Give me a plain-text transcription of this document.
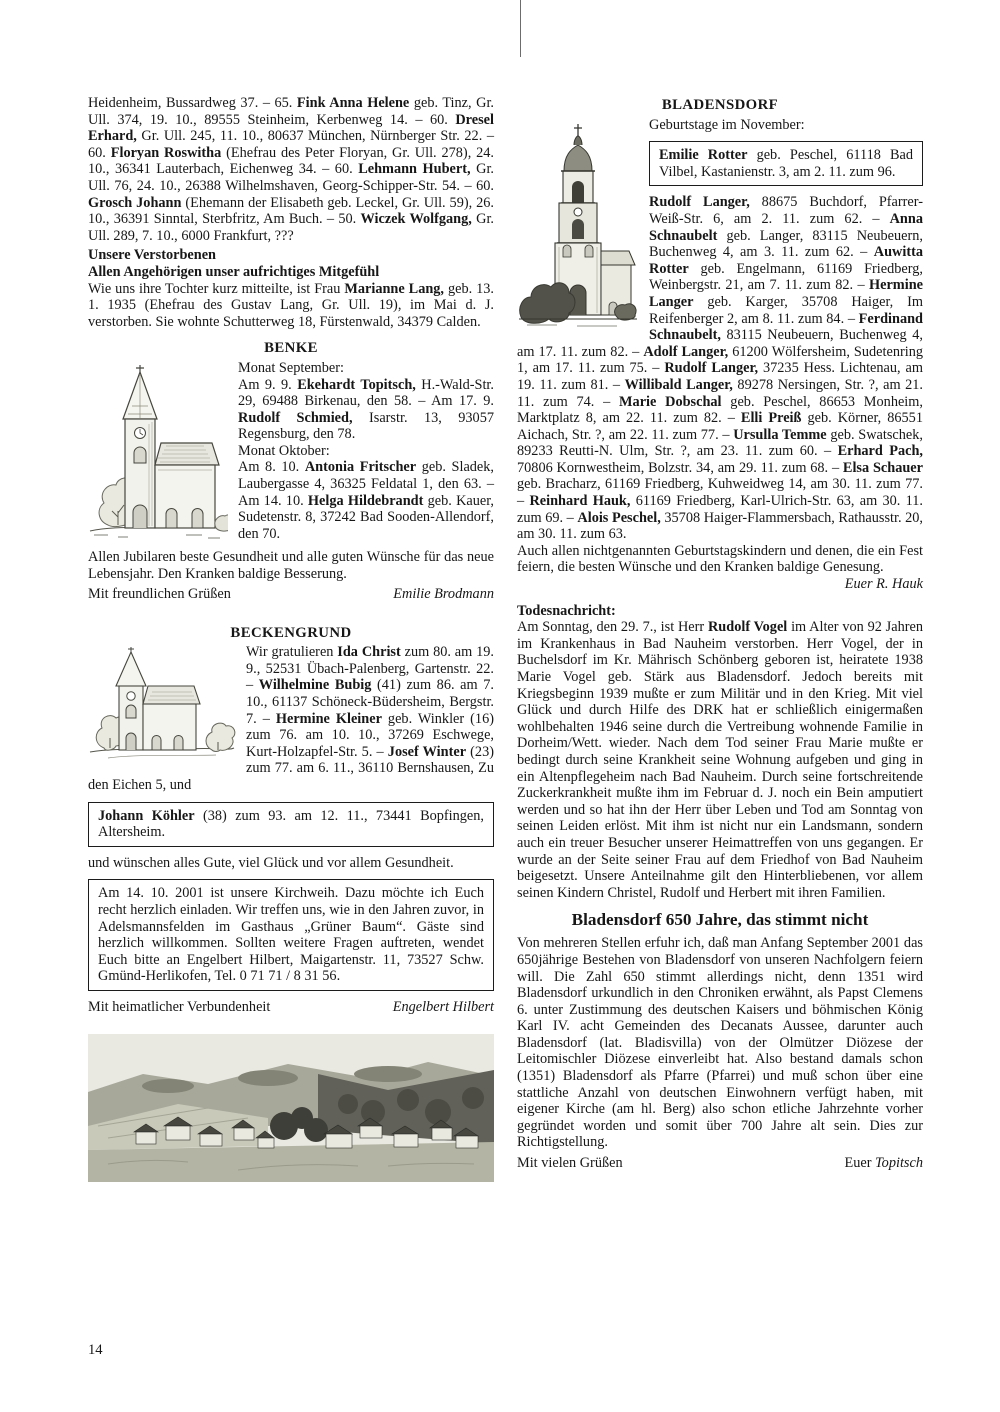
Heidenheim, Bussardweg 37. – 65. Fink Anna Helene geb. Tinz, Gr. Ull. 374, 19. 10., 89555 Steinheim, Kerbenweg 14. – 60. Dresel Erhard, Gr. Ull. 245, 11. 10., 80637 München, Nürnberger Str. 22. – 60. Floryan Roswitha (Ehefrau des Peter Floryan, Gr. Ull. 278), 24. 10., 36341 Lauterbach, Eichenweg 34. – 60. Lehmann Hubert, Gr. Ull. 76, 24. 10., 26388 Wilhelmshaven, Georg-Schipper-Str. 54. – 60. Grosch Johann (Ehemann der Elisabeth geb. Leckel, Gr. Ull. 59), 26. 10., 36391 Sinntal, Sterbfritz, Am Buch. – 50. Wiczek Wolfgang, Gr. Ull. 289, 7. 10., 6000 Frankfurt, ???

Unsere Verstorbenen
Allen Angehörigen unser aufrichtiges Mitgefühl

Wie uns ihre Tochter kurz mitteilte, ist Frau Marianne Lang, geb. 13. 1. 1935 (Ehefrau des Gustav Lang, Gr. Ull. 19), im Mai d. J. verstorben. Sie wohnte Schutterweg 18, Fürstenwald, 34379 Calden.

BENKE

Monat September:

Am 9. 9. Ekehardt Topitsch, H.-Wald-Str. 29, 69488 Birkenau, den 58. – Am 17. 9. Rudolf Schmied, Isarstr. 13, 93057 Regensburg, den 78.

Monat Oktober:

Am 8. 10. Antonia Fritscher geb. Sladek, Laubergasse 4, 36325 Feldatal 1, den 63. – Am 14. 10. Helga Hildebrandt geb. Kauer, Sudetenstr. 8, 37242 Bad Sooden-Allendorf, den 70.

Allen Jubilaren beste Gesundheit und alle guten Wünsche für das neue Lebensjahr. Den Kranken baldige Besserung.

Mit freundlichen Grüßen	Emilie Brodmann
BECKENGRUND

Wir gratulieren Ida Christ zum 80. am 19. 9., 52531 Übach-Palenberg, Gartenstr. 22. – Wilhelmine Bubig (41) zum 86. am 7. 10., 61137 Schöneck-Büdersheim, Bergstr. 7. – Hermine Kleiner geb. Winkler (16) zum 76. am 10. 10., 37269 Eschwege, Kurt-Holzapfel-Str. 5. – Josef Winter (23) zum 77. am 6. 11., 36110 Bernshausen, Zu den Eichen 5, und

Johann Köhler (38) zum 93. am 12. 11., 73441 Bopfingen, Altersheim.

und wünschen alles Gute, viel Glück und vor allem Gesundheit.

Am 14. 10. 2001 ist unsere Kirchweih. Dazu möchte ich Euch recht herzlich einladen. Wir treffen uns, wie in den Jahren zuvor, in Adelsmannsfelden im Gasthaus „Grüner Baum“. Gäste sind herzlich willkommen. Sollten weitere Fragen auftreten, wendet Euch bitte an Engelbert Hilbert, Maigartenstr. 11, 73527 Schw. Gmünd-Herlikofen, Tel. 0 71 71 / 8 31 56.

Mit heimatlicher Verbundenheit	Engelbert Hilbert
BLADENSDORF

Geburtstage im November:

Emilie Rotter geb. Peschel, 61118 Bad Vilbel, Kastanienstr. 3, am 2. 11. zum 96.

Rudolf Langer, 88675 Buchdorf, Pfarrer-Weiß-Str. 6, am 2. 11. zum 62. – Anna Schnaubelt geb. Langer, 83115 Neubeuern, Buchenweg 4, am 3. 11. zum 62. – Auwitta Rotter geb. Engelmann, 61169 Friedberg, Weinbergstr. 21, am 7. 11. zum 82. – Hermine Langer geb. Karger, 35708 Haiger, Im Reifenberger 2, am 8. 11. zum 84. – Ferdinand Schnaubelt, 83115 Neubeuern, Buchenweg 4, am 17. 11. zum 82. – Adolf Langer, 61200 Wölfersheim, Sudetenring 1, am 17. 11. zum 75. – Rudolf Langer, 37235 Hess. Lichtenau, am 19. 11. zum 81. – Willibald Langer, 89278 Nersingen, Str. ?, am 21. 11. zum 74. – Marie Dobschal geb. Peschel, 86653 Monheim, Marktplatz 8, am 22. 11. zum 82. – Elli Preiß geb. Körner, 86551 Aichach, Str. ?, am 22. 11. zum 77. – Ursulla Temme geb. Swatschek, 89233 Reutti-N. Ulm, Str. ?, am 23. 11. zum 60. – Erhard Pach, 70806 Kornwestheim, Bolzstr. 34, am 29. 11. zum 68. – Elsa Schauer geb. Bracharz, 61169 Friedberg, Kuhweidweg 14, am 30. 11. zum 77. – Reinhard Hauk, 61169 Friedberg, Karl-Ulrich-Str. 63, am 30. 11. zum 69. – Alois Peschel, 35708 Haiger-Flammersbach, Rathausstr. 20, am 30. 11. zum 63.

Auch allen nichtgenannten Geburtstagskindern und denen, die ein Fest feiern, die besten Wünsche und den Kranken baldige Genesung.
Euer R. Hauk

Todesnachricht:

Am Sonntag, den 29. 7., ist Herr Rudolf Vogel im Alter von 92 Jahren im Krankenhaus in Bad Nauheim verstorben. Herr Vogel, der in Buchelsdorf im Kr. Mährisch Schönberg geboren ist, heiratete 1938 Marie Vogel geb. Stärk aus Bladensdorf. Jedoch bereits mit Kriegsbeginn 1939 mußte er zum Militär und in den Krieg. Mit viel Glück und durch Hilfe des DRK hat er schließlich einigermaßen wohlbehalten 1946 seine durch die Vertreibung wohnende Familie in Dorheim/Wett. wieder. Nach dem Tod seiner Frau Marie mußte er bedingt durch seine Krankheit seine Wohnung aufgeben und ging in ein Altenpflegeheim nach Bad Nauheim. Durch seine fortschreitende Zuckerkrankheit mußte ihm im Februar d. J. noch ein Bein amputiert werden und so hat ihn der Herr über Leben und Tod am Sonntag von seinen Leiden erlöst. Mit ihm ist nicht nur ein Landsmann, sondern auch ein treuer Besucher unserer Heimattreffen von uns gegangen. Er wurde an der Seite seiner Frau auf dem Friedhof von Bad Nauheim beigesetzt. Unsere Anteilnahme gilt den Hinterbliebenen, vor allem seinen Kindern Christel, Rudolf und Herbert mit ihren Familien.

Bladensdorf 650 Jahre, das stimmt nicht

Von mehreren Stellen erfuhr ich, daß man Anfang September 2001 das 650jährige Bestehen von Bladensdorf von unseren Nachfolgern feiern will. Die Zahl 650 stimmt allerdings nicht, denn 1351 wird Bladensdorf urkundlich in den Chroniken erwähnt, als Papst Clemens 6. unter Zustimmung des deutschen Kaisers und böhmischen König Karl IV. acht Gemeinden des Decanats Aussee, darunter auch Bladensdorf (lat. Bladisvilla) von der Olmützer Diözese der Leitomischler Diözese einverleibt hat. Also bestand damals schon (1351) Bladensdorf als Pfarre (Pfarrei) und muß schon über eine stattliche Anzahl von deutschen Einwohnern verfügt haben, mit eigener Kirche (am hl. Berg) also schon etliche Jahrzehnte vorher gegründet worden und somit über 700 Jahre alt sein. Dies zur Richtigstellung.

Mit vielen Grüßen	Euer Topitsch
14
